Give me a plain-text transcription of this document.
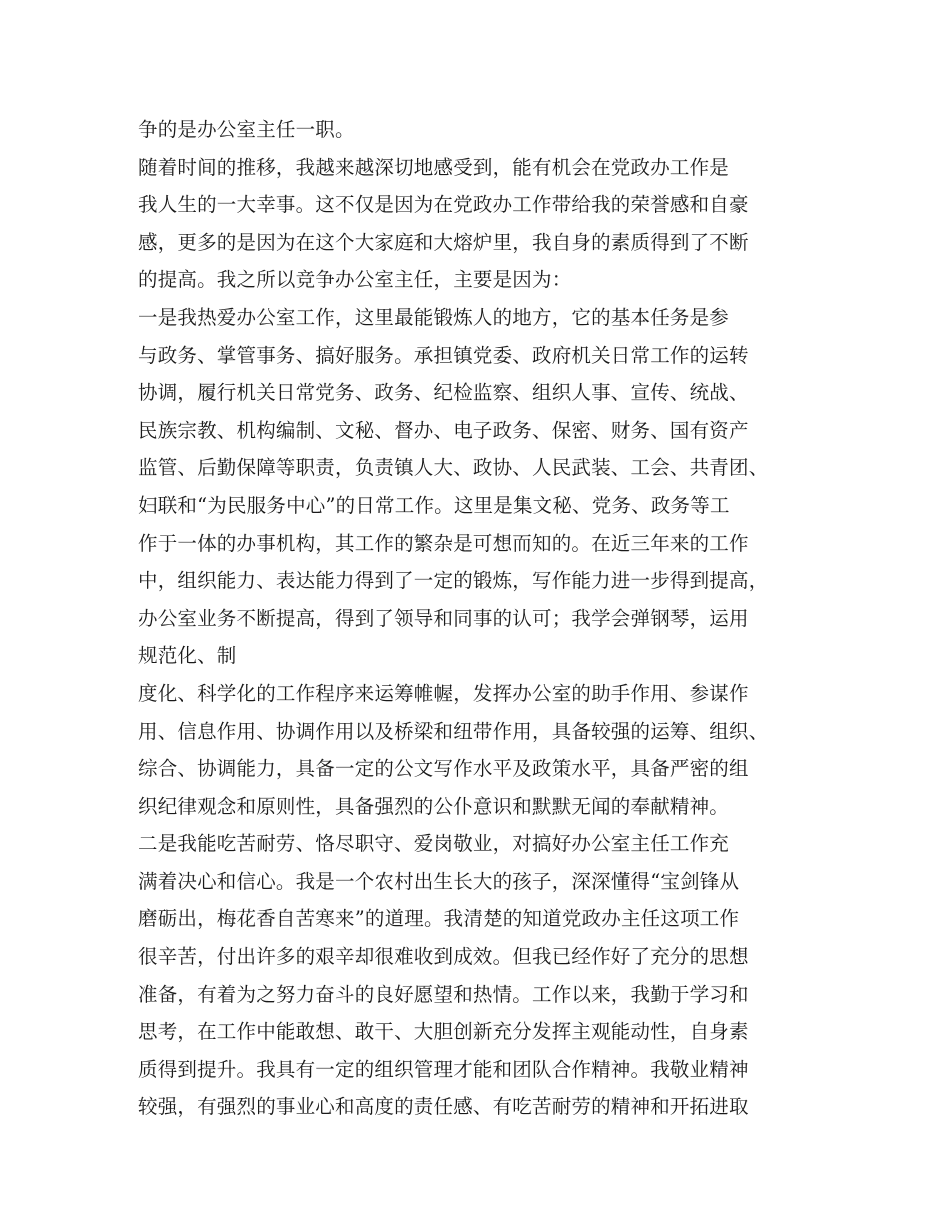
争的是办公室主任一职。
随着时间的推移，我越来越深切地感受到，能有机会在党政办工作是
我人生的一大幸事。这不仅是因为在党政办工作带给我的荣誉感和自豪
感，更多的是因为在这个大家庭和大熔炉里，我自身的素质得到了不断
的提高。我之所以竞争办公室主任，主要是因为：
一是我热爱办公室工作，这里最能锻炼人的地方，它的基本任务是参
与政务、掌管事务、搞好服务。承担镇党委、政府机关日常工作的运转
协调，履行机关日常党务、政务、纪检监察、组织人事、宣传、统战、
民族宗教、机构编制、文秘、督办、电子政务、保密、财务、国有资产
监管、后勤保障等职责，负责镇人大、政协、人民武装、工会、共青团、
妇联和“为民服务中心”的日常工作。这里是集文秘、党务、政务等工
作于一体的办事机构，其工作的繁杂是可想而知的。在近三年来的工作
中，组织能力、表达能力得到了一定的锻炼，写作能力进一步得到提高，
办公室业务不断提高，得到了领导和同事的认可；我学会弹钢琴，运用
规范化、制
度化、科学化的工作程序来运筹帷幄，发挥办公室的助手作用、参谋作
用、信息作用、协调作用以及桥梁和纽带作用，具备较强的运筹、组织、
综合、协调能力，具备一定的公文写作水平及政策水平，具备严密的组
织纪律观念和原则性，具备强烈的公仆意识和默默无闻的奉献精神。
二是我能吃苦耐劳、恪尽职守、爱岗敬业，对搞好办公室主任工作充
满着决心和信心。我是一个农村出生长大的孩子，深深懂得“宝剑锋从
磨砺出，梅花香自苦寒来”的道理。我清楚的知道党政办主任这项工作
很辛苦，付出许多的艰辛却很难收到成效。但我已经作好了充分的思想
准备，有着为之努力奋斗的良好愿望和热情。工作以来，我勤于学习和
思考，在工作中能敢想、敢干、大胆创新充分发挥主观能动性，自身素
质得到提升。我具有一定的组织管理才能和团队合作精神。我敬业精神
较强，有强烈的事业心和高度的责任感、有吃苦耐劳的精神和开拓进取
